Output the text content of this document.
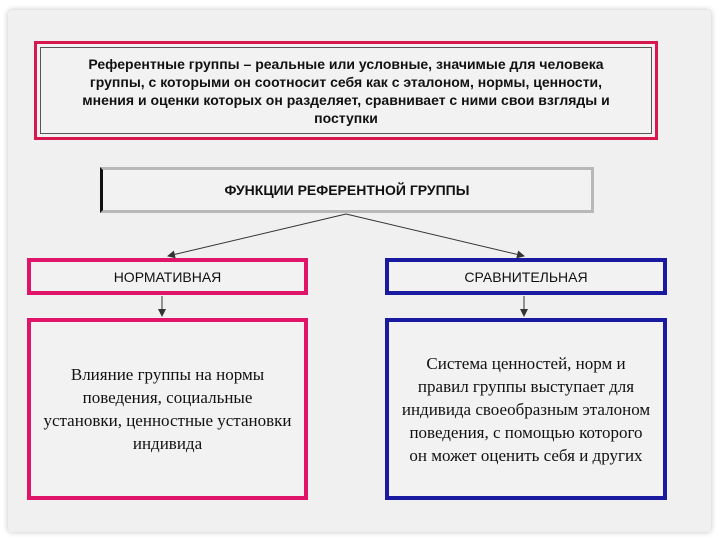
Референтные группы – реальные или условные, значимые для человека
группы, с которыми он соотносит себя как с эталоном, нормы, ценности,
мнения и оценки которых он разделяет, сравнивает с ними свои взгляды и
поступки
ФУНКЦИИ РЕФЕРЕНТНОЙ ГРУППЫ
НОРМАТИВНАЯ	СРАВНИТЕЛЬНАЯ
Влияние группы на нормы
поведения, социальные
установки, ценностные установки
индивида
Система ценностей, норм и
правил группы выступает для
индивида своеобразным эталоном
поведения, с помощью которого
он может оценить себя и других
